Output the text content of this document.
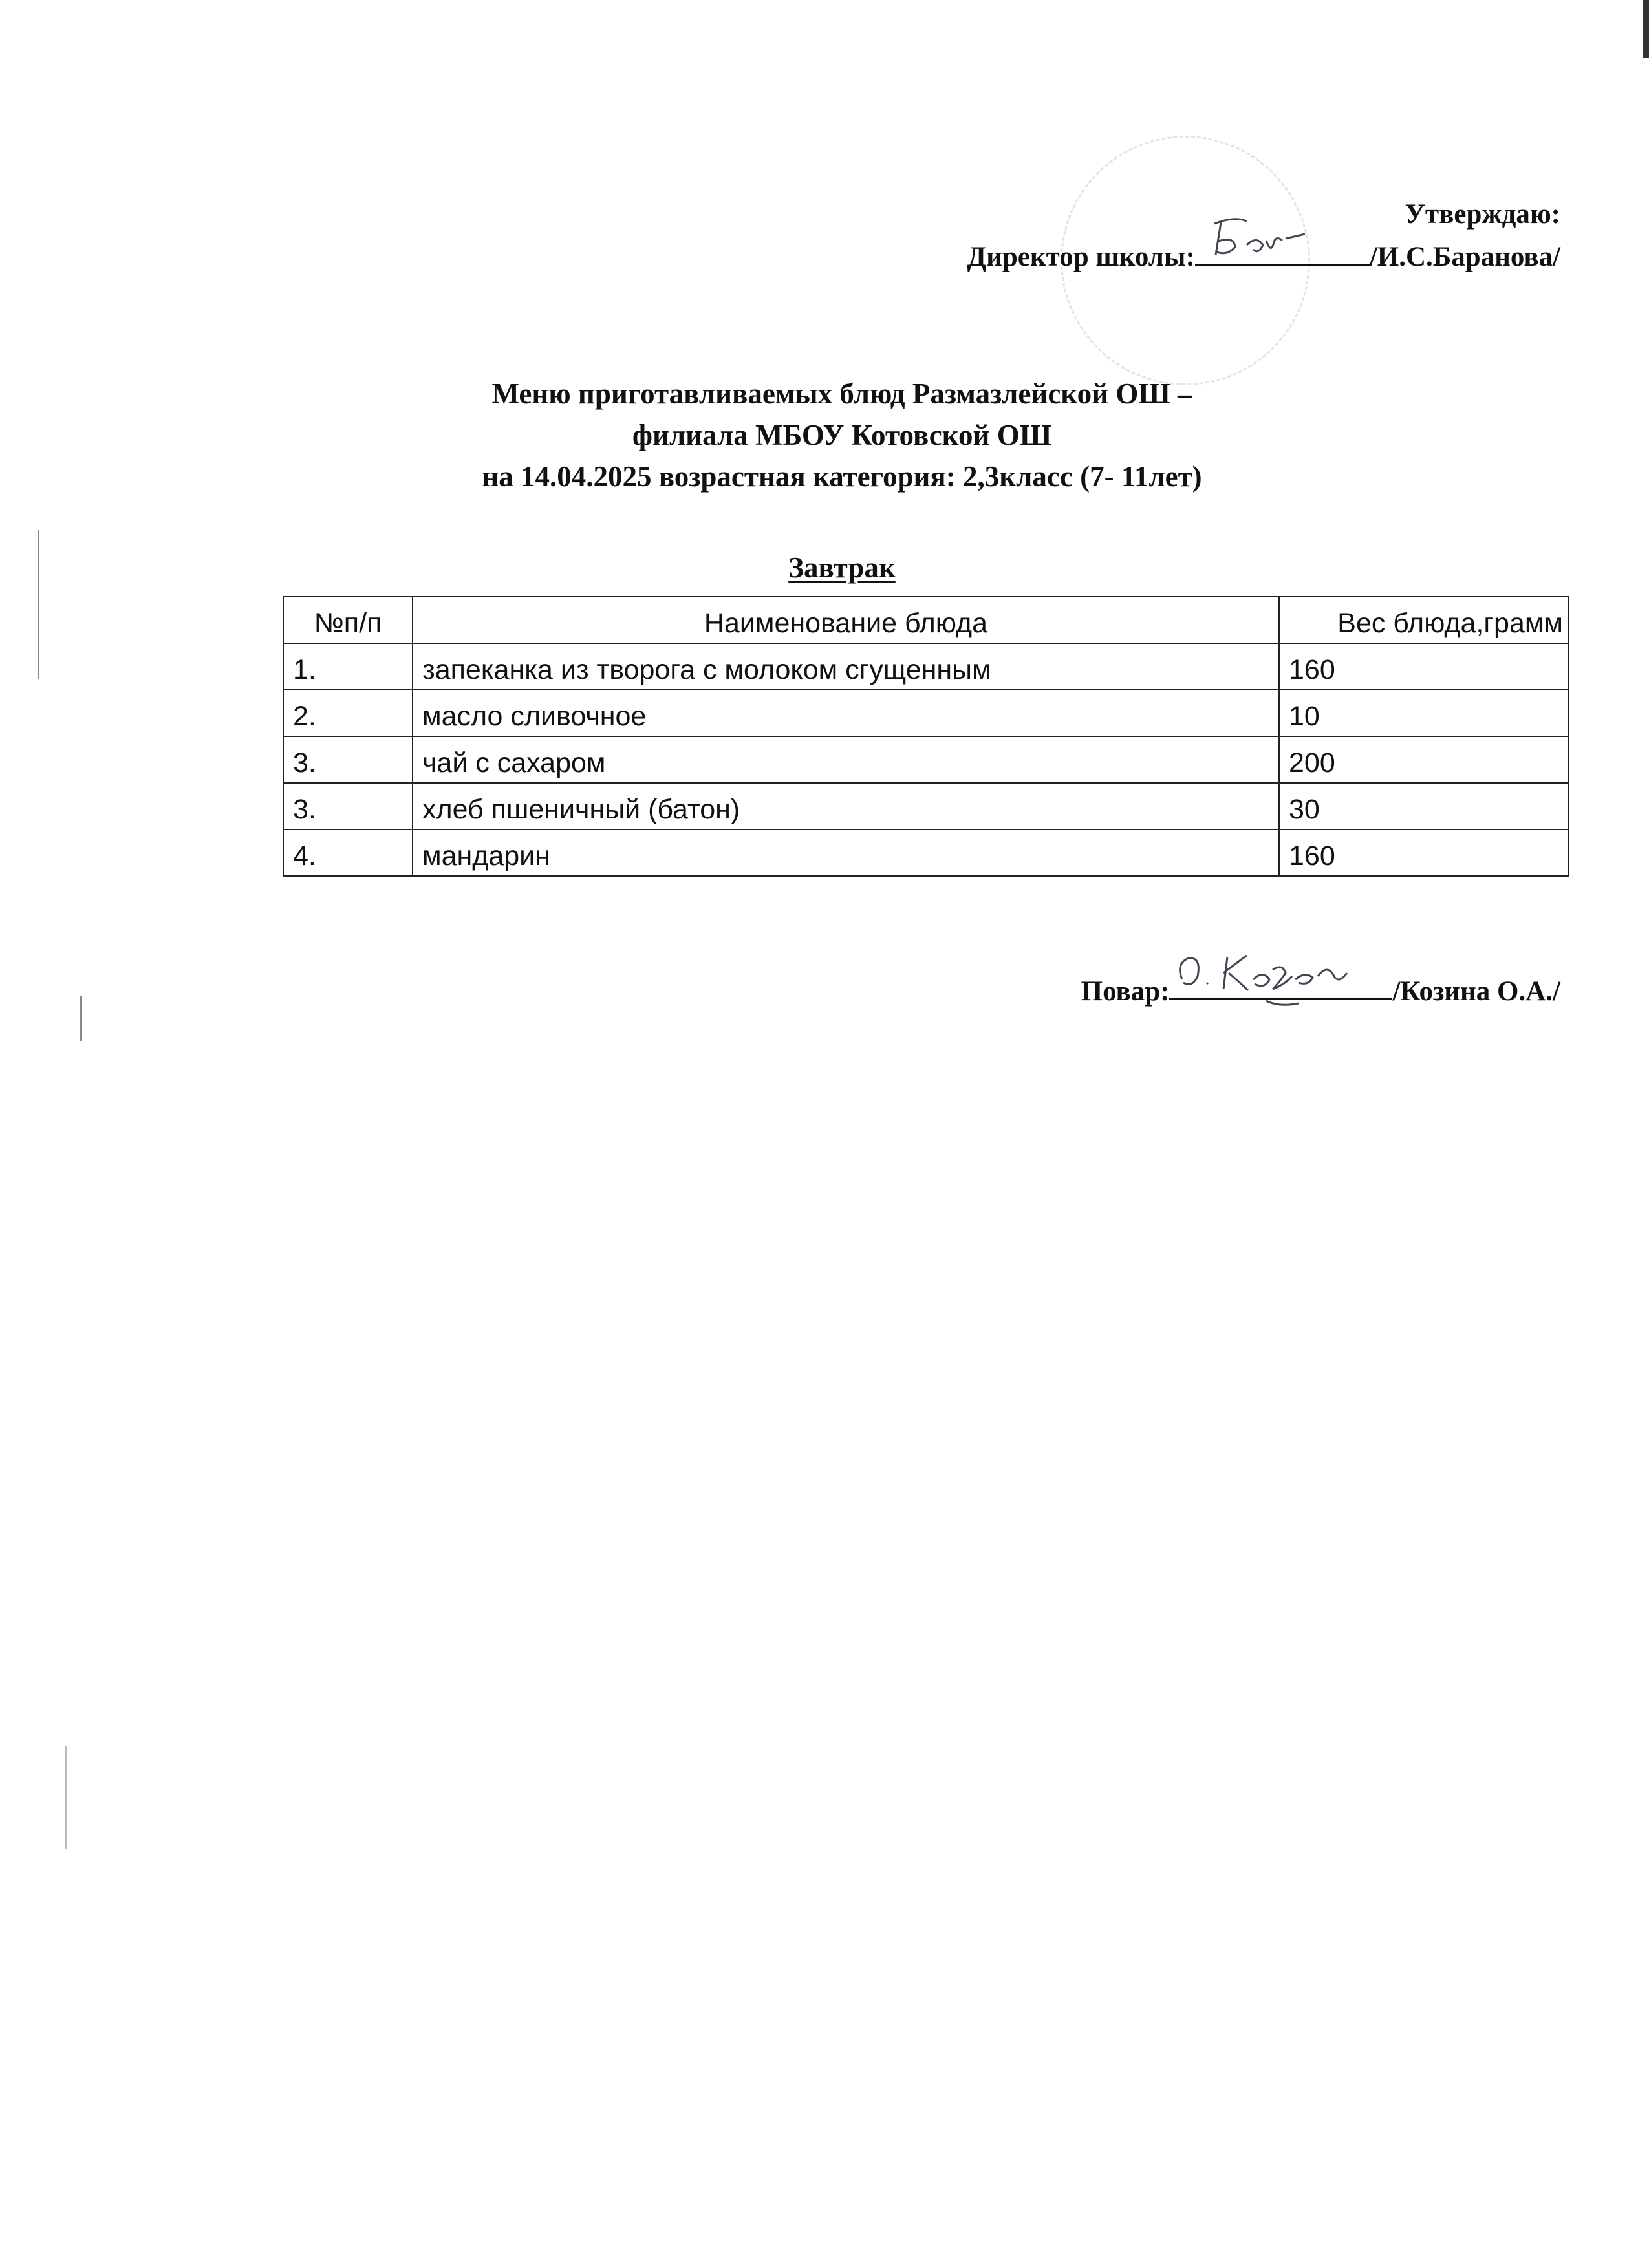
Утверждаю:
Директор школы:	/И.С.Баранова/
Меню приготавливаемых блюд Размазлейской ОШ –
филиала МБОУ Котовской ОШ
на 14.04.2025 возрастная категория: 2,3класс (7- 11лет)
Завтрак
№п/п	Наименование блюда	Вес блюда,грамм
1.	запеканка из творога с молоком сгущенным	160
2.	масло сливочное	10
3.	чай с сахаром	200
3.	хлеб пшеничный (батон)	30
4.	мандарин	160
Повар:	/Козина О.А./
